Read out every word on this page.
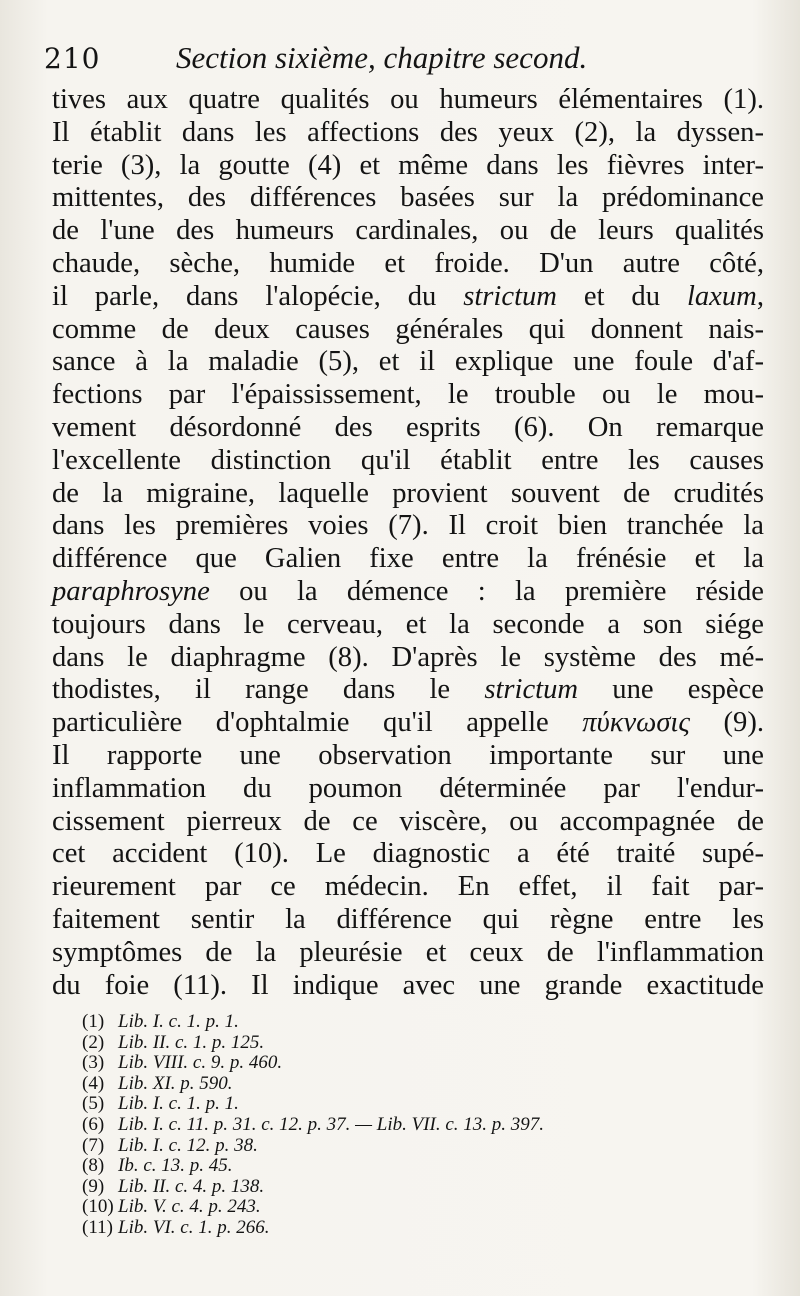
210 Section sixième, chapitre second.
tives aux quatre qualités ou humeurs élémentaires (1).
Il établit dans les affections des yeux (2), la dyssen-
terie (3), la goutte (4) et même dans les fièvres inter-
mittentes, des différences basées sur la prédominance
de l'une des humeurs cardinales, ou de leurs qualités
chaude, sèche, humide et froide. D'un autre côté,
il parle, dans l'alopécie, du strictum et du laxum,
comme de deux causes générales qui donnent nais-
sance à la maladie (5), et il explique une foule d'af-
fections par l'épaississement, le trouble ou le mou-
vement désordonné des esprits (6). On remarque
l'excellente distinction qu'il établit entre les causes
de la migraine, laquelle provient souvent de crudités
dans les premières voies (7). Il croit bien tranchée la
différence que Galien fixe entre la frénésie et la
paraphrosyne ou la démence : la première réside
toujours dans le cerveau, et la seconde a son siége
dans le diaphragme (8). D'après le système des mé-
thodistes, il range dans le strictum une espèce
particulière d'ophtalmie qu'il appelle πύκνωσις (9).
Il rapporte une observation importante sur une
inflammation du poumon déterminée par l'endur-
cissement pierreux de ce viscère, ou accompagnée de
cet accident (10). Le diagnostic a été traité supé-
rieurement par ce médecin. En effet, il fait par-
faitement sentir la différence qui règne entre les
symptômes de la pleurésie et ceux de l'inflammation
du foie (11). Il indique avec une grande exactitude
(1) Lib. I. c. 1. p. 1.
(2) Lib. II. c. 1. p. 125.
(3) Lib. VIII. c. 9. p. 460.
(4) Lib. XI. p. 590.
(5) Lib. I. c. 1. p. 1.
(6) Lib. I. c. 11. p. 31. c. 12. p. 37. — Lib. VII. c. 13. p. 397.
(7) Lib. I. c. 12. p. 38.
(8) Ib. c. 13. p. 45.
(9) Lib. II. c. 4. p. 138.
(10) Lib. V. c. 4. p. 243.
(11) Lib. VI. c. 1. p. 266.
